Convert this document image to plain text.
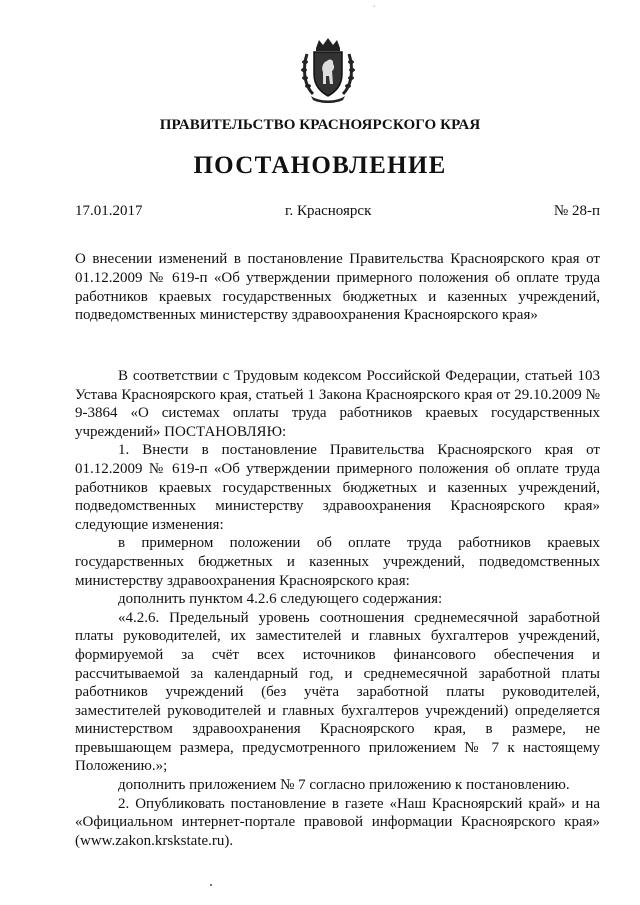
ʻ
ПРАВИТЕЛЬСТВО КРАСНОЯРСКОГО КРАЯ
ПОСТАНОВЛЕНИЕ
17.01.2017	г. Красноярск	№ 28-п

О внесении изменений в постановление Правительства Красноярского края от 01.12.2009 № 619-п «Об утверждении примерного положения об оплате труда работников краевых государственных бюджетных и казенных учреждений, подведомственных министерству здравоохранения Красноярского края»

В соответствии с Трудовым кодексом Российской Федерации, статьей 103 Устава Красноярского края, статьей 1 Закона Красноярского края от 29.10.2009 № 9-3864 «О системах оплаты труда работников краевых государственных учреждений» ПОСТАНОВЛЯЮ:

1. Внести в постановление Правительства Красноярского края от 01.12.2009 № 619-п «Об утверждении примерного положения об оплате труда работников краевых государственных бюджетных и казенных учреждений, подведомственных министерству здравоохранения Красноярского края» следующие изменения:

в примерном положении об оплате труда работников краевых государственных бюджетных и казенных учреждений, подведомственных министерству здравоохранения Красноярского края:

дополнить пунктом 4.2.6 следующего содержания:

«4.2.6. Предельный уровень соотношения среднемесячной заработной платы руководителей, их заместителей и главных бухгалтеров учреждений, формируемой за счёт всех источников финансового обеспечения и рассчитываемой за календарный год, и среднемесячной заработной платы работников учреждений (без учёта заработной платы руководителей, заместителей руководителей и главных бухгалтеров учреждений) определяется министерством здравоохранения Красноярского края, в размере, не превышающем размера, предусмотренного приложением № 7 к настоящему Положению.»;

дополнить приложением № 7 согласно приложению к постановлению.

2. Опубликовать постановление в газете «Наш Красноярский край» и на «Официальном интернет-портале правовой информации Красноярского края» (www.zakon.krskstate.ru).
